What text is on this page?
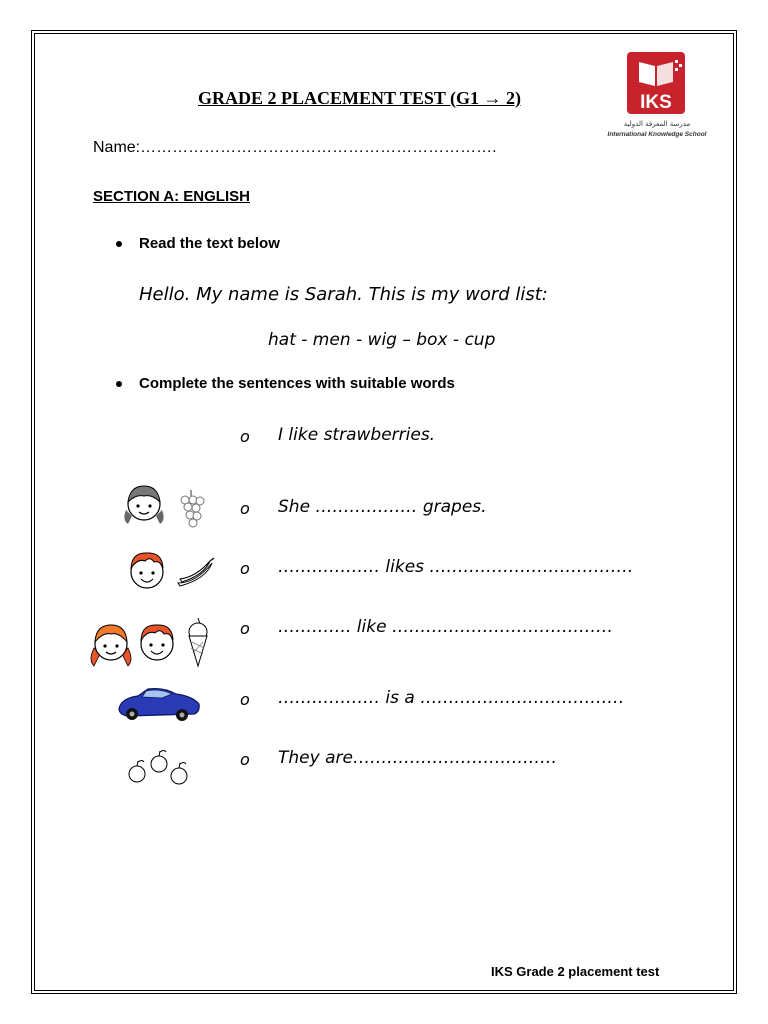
GRADE 2 PLACEMENT TEST (G1 → 2)	IKS
مدرسة المعرفة الدولية
International Knowledge School
Name:………………………………………………………….
SECTION A: ENGLISH
Read the text below
Hello. My name is Sarah. This is my word list:
hat - men - wig – box - cup
Complete the sentences with suitable words
o I like strawberries.
o She ……………… grapes.
o ……………… likes ………………………………
o …………. like …………………………………
o ……………… is a ………………………………
o They are………………………………
IKS Grade 2 placement test
